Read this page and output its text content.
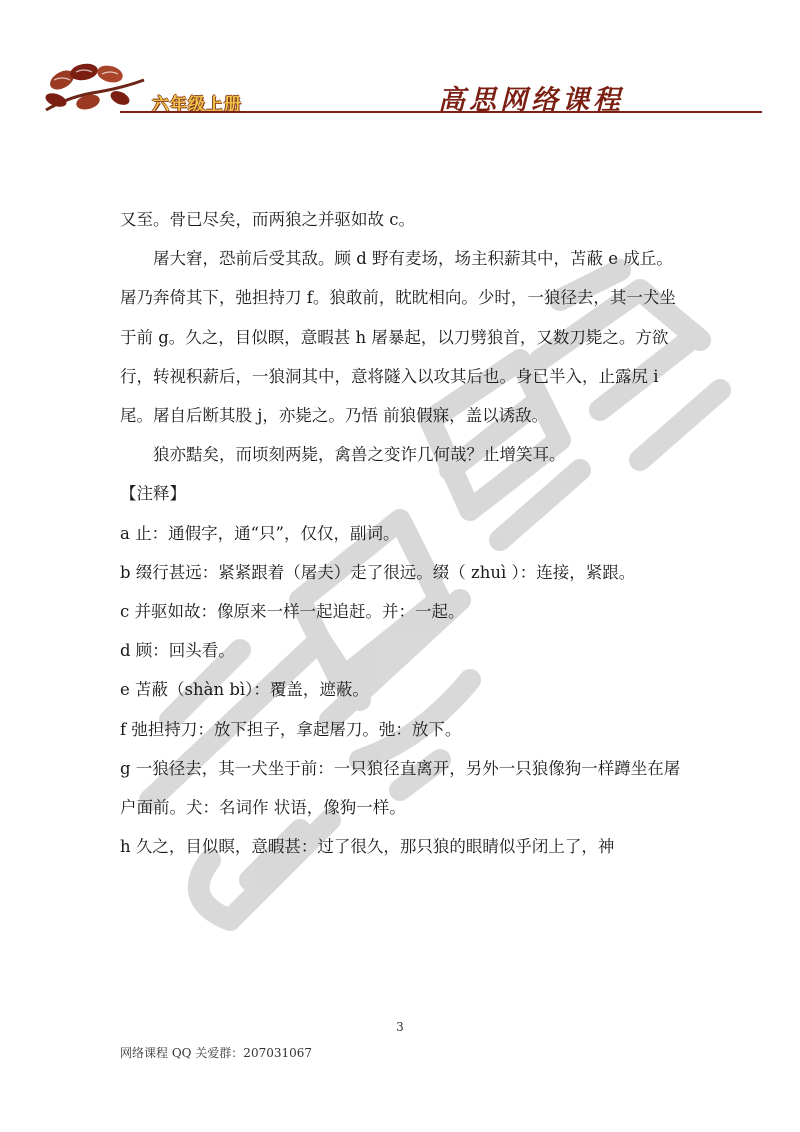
六年级上册	高思网络课程

又至。骨已尽矣，而两狼之并驱如故 c。

屠大窘，恐前后受其敌。顾 d 野有麦场，场主积薪其中，苫蔽 e 成丘。屠乃奔倚其下，弛担持刀 f。狼敢前，眈眈相向。少时，一狼径去，其一犬坐于前 g。久之，目似瞑，意暇甚 h 屠暴起，以刀劈狼首，又数刀毙之。方欲行，转视积薪后，一狼洞其中，意将隧入以攻其后也。身已半入，止露尻 i 尾。屠自后断其股 j，亦毙之。乃悟 前狼假寐，盖以诱敌。

狼亦黠矣，而顷刻两毙，禽兽之变诈几何哉？止增笑耳。

【注释】

a 止：通假字，通“只”，仅仅，副词。

b 缀行甚远：紧紧跟着（屠夫）走了很远。缀（ zhuì ）：连接，紧跟。

c 并驱如故：像原来一样一起追赶。并：一起。

d 顾：回头看。

e 苫蔽（shàn bì）：覆盖，遮蔽。

f 弛担持刀：放下担子，拿起屠刀。弛：放下。

g 一狼径去，其一犬坐于前：一只狼径直离开，另外一只狼像狗一样蹲坐在屠户面前。犬：名词作 状语，像狗一样。

h 久之，目似瞑，意暇甚：过了很久，那只狼的眼睛似乎闭上了，神

3
网络课程 QQ 关爱群：207031067
